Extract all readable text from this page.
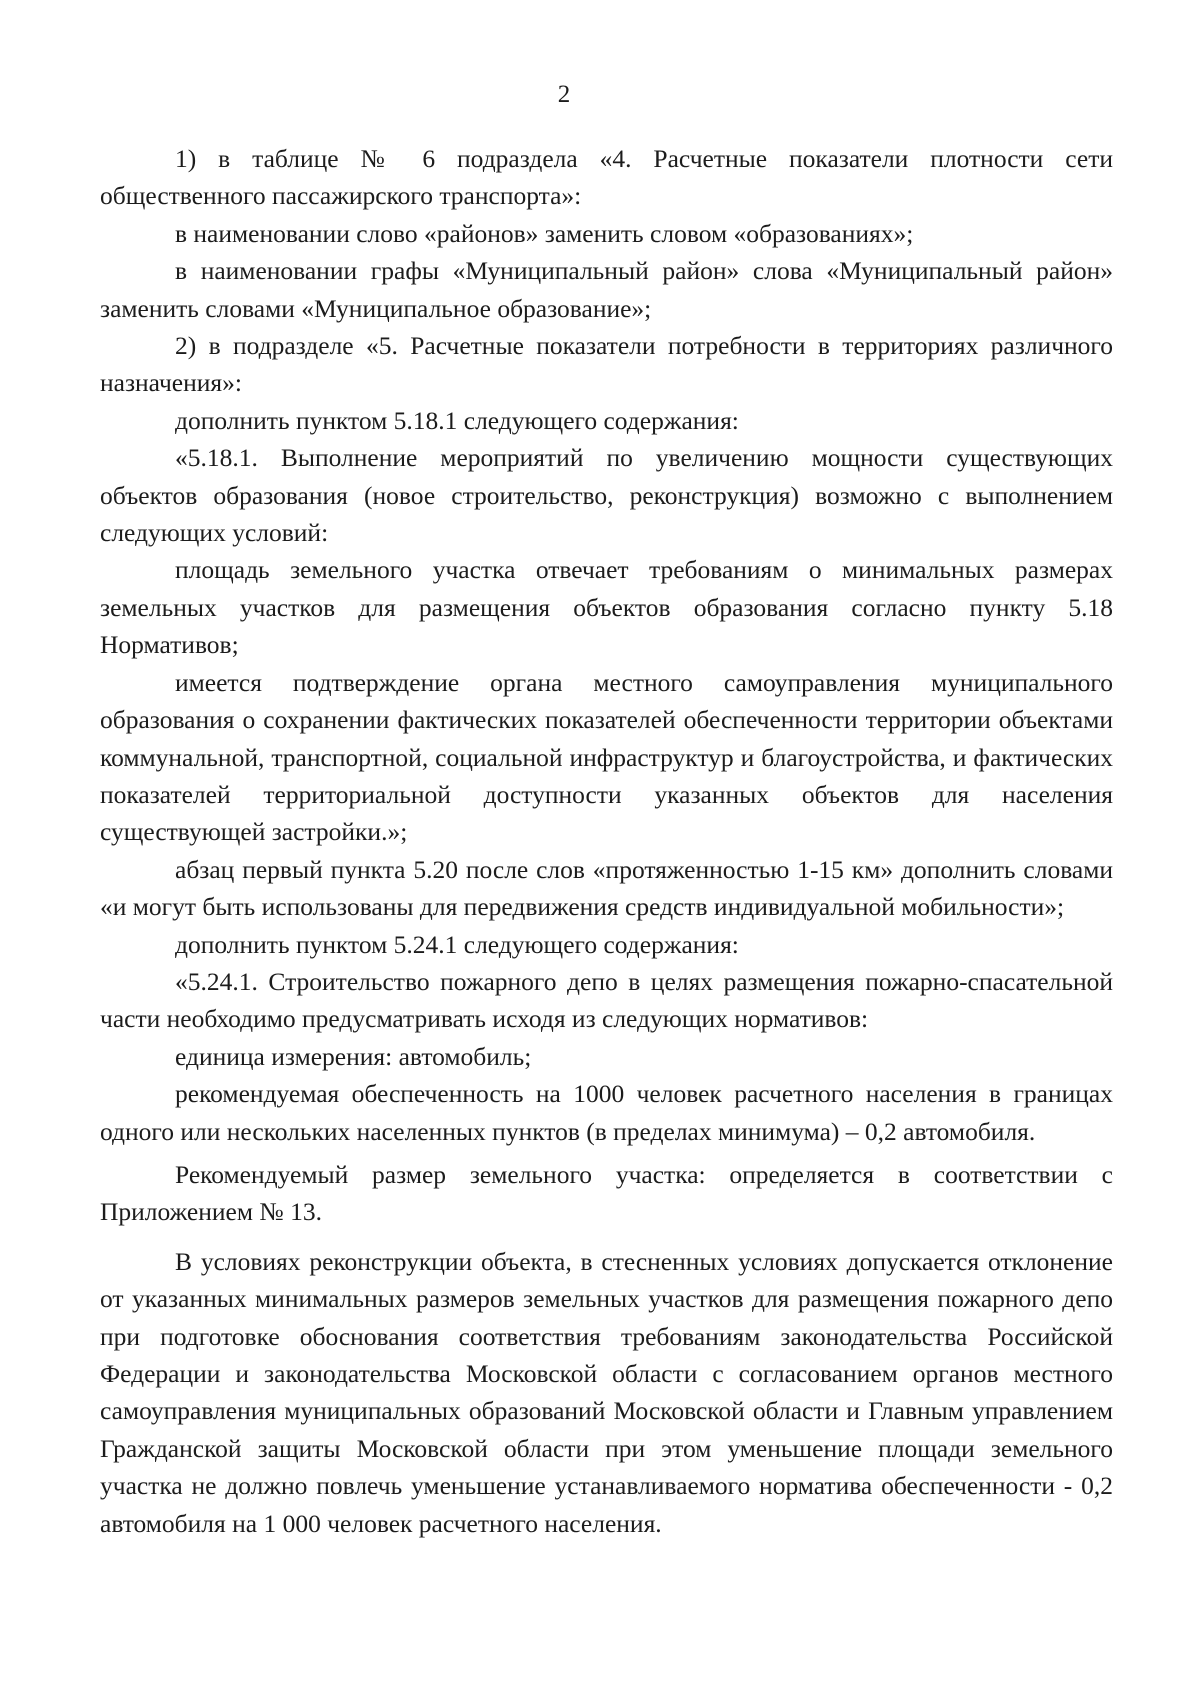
2

1) в таблице № 6 подраздела «4. Расчетные показатели плотности сети общественного пассажирского транспорта»:

в наименовании слово «районов» заменить словом «образованиях»;

в наименовании графы «Муниципальный район» слова «Муниципальный район» заменить словами «Муниципальное образование»;

2) в подразделе «5. Расчетные показатели потребности в территориях различного назначения»:

дополнить пунктом 5.18.1 следующего содержания:

«5.18.1. Выполнение мероприятий по увеличению мощности существующих объектов образования (новое строительство, реконструкция) возможно с выполнением следующих условий:

площадь земельного участка отвечает требованиям о минимальных размерах земельных участков для размещения объектов образования согласно пункту 5.18 Нормативов;

имеется подтверждение органа местного самоуправления муниципального образования о сохранении фактических показателей обеспеченности территории объектами коммунальной, транспортной, социальной инфраструктур и благоустройства, и фактических показателей территориальной доступности указанных объектов для населения существующей застройки.»;

абзац первый пункта 5.20 после слов «протяженностью 1-15 км» дополнить словами «и могут быть использованы для передвижения средств индивидуальной мобильности»;

дополнить пунктом 5.24.1 следующего содержания:

«5.24.1. Строительство пожарного депо в целях размещения пожарно-спасательной части необходимо предусматривать исходя из следующих нормативов:

единица измерения: автомобиль;

рекомендуемая обеспеченность на 1000 человек расчетного населения в границах одного или нескольких населенных пунктов (в пределах минимума) – 0,2 автомобиля.

Рекомендуемый размер земельного участка: определяется в соответствии с Приложением № 13.

В условиях реконструкции объекта, в стесненных условиях допускается отклонение от указанных минимальных размеров земельных участков для размещения пожарного депо при подготовке обоснования соответствия требованиям законодательства Российской Федерации и законодательства Московской области с согласованием органов местного самоуправления муниципальных образований Московской области и Главным управлением Гражданской защиты Московской области при этом уменьшение площади земельного участка не должно повлечь уменьшение устанавливаемого норматива обеспеченности - 0,2 автомобиля на 1 000 человек расчетного населения.
